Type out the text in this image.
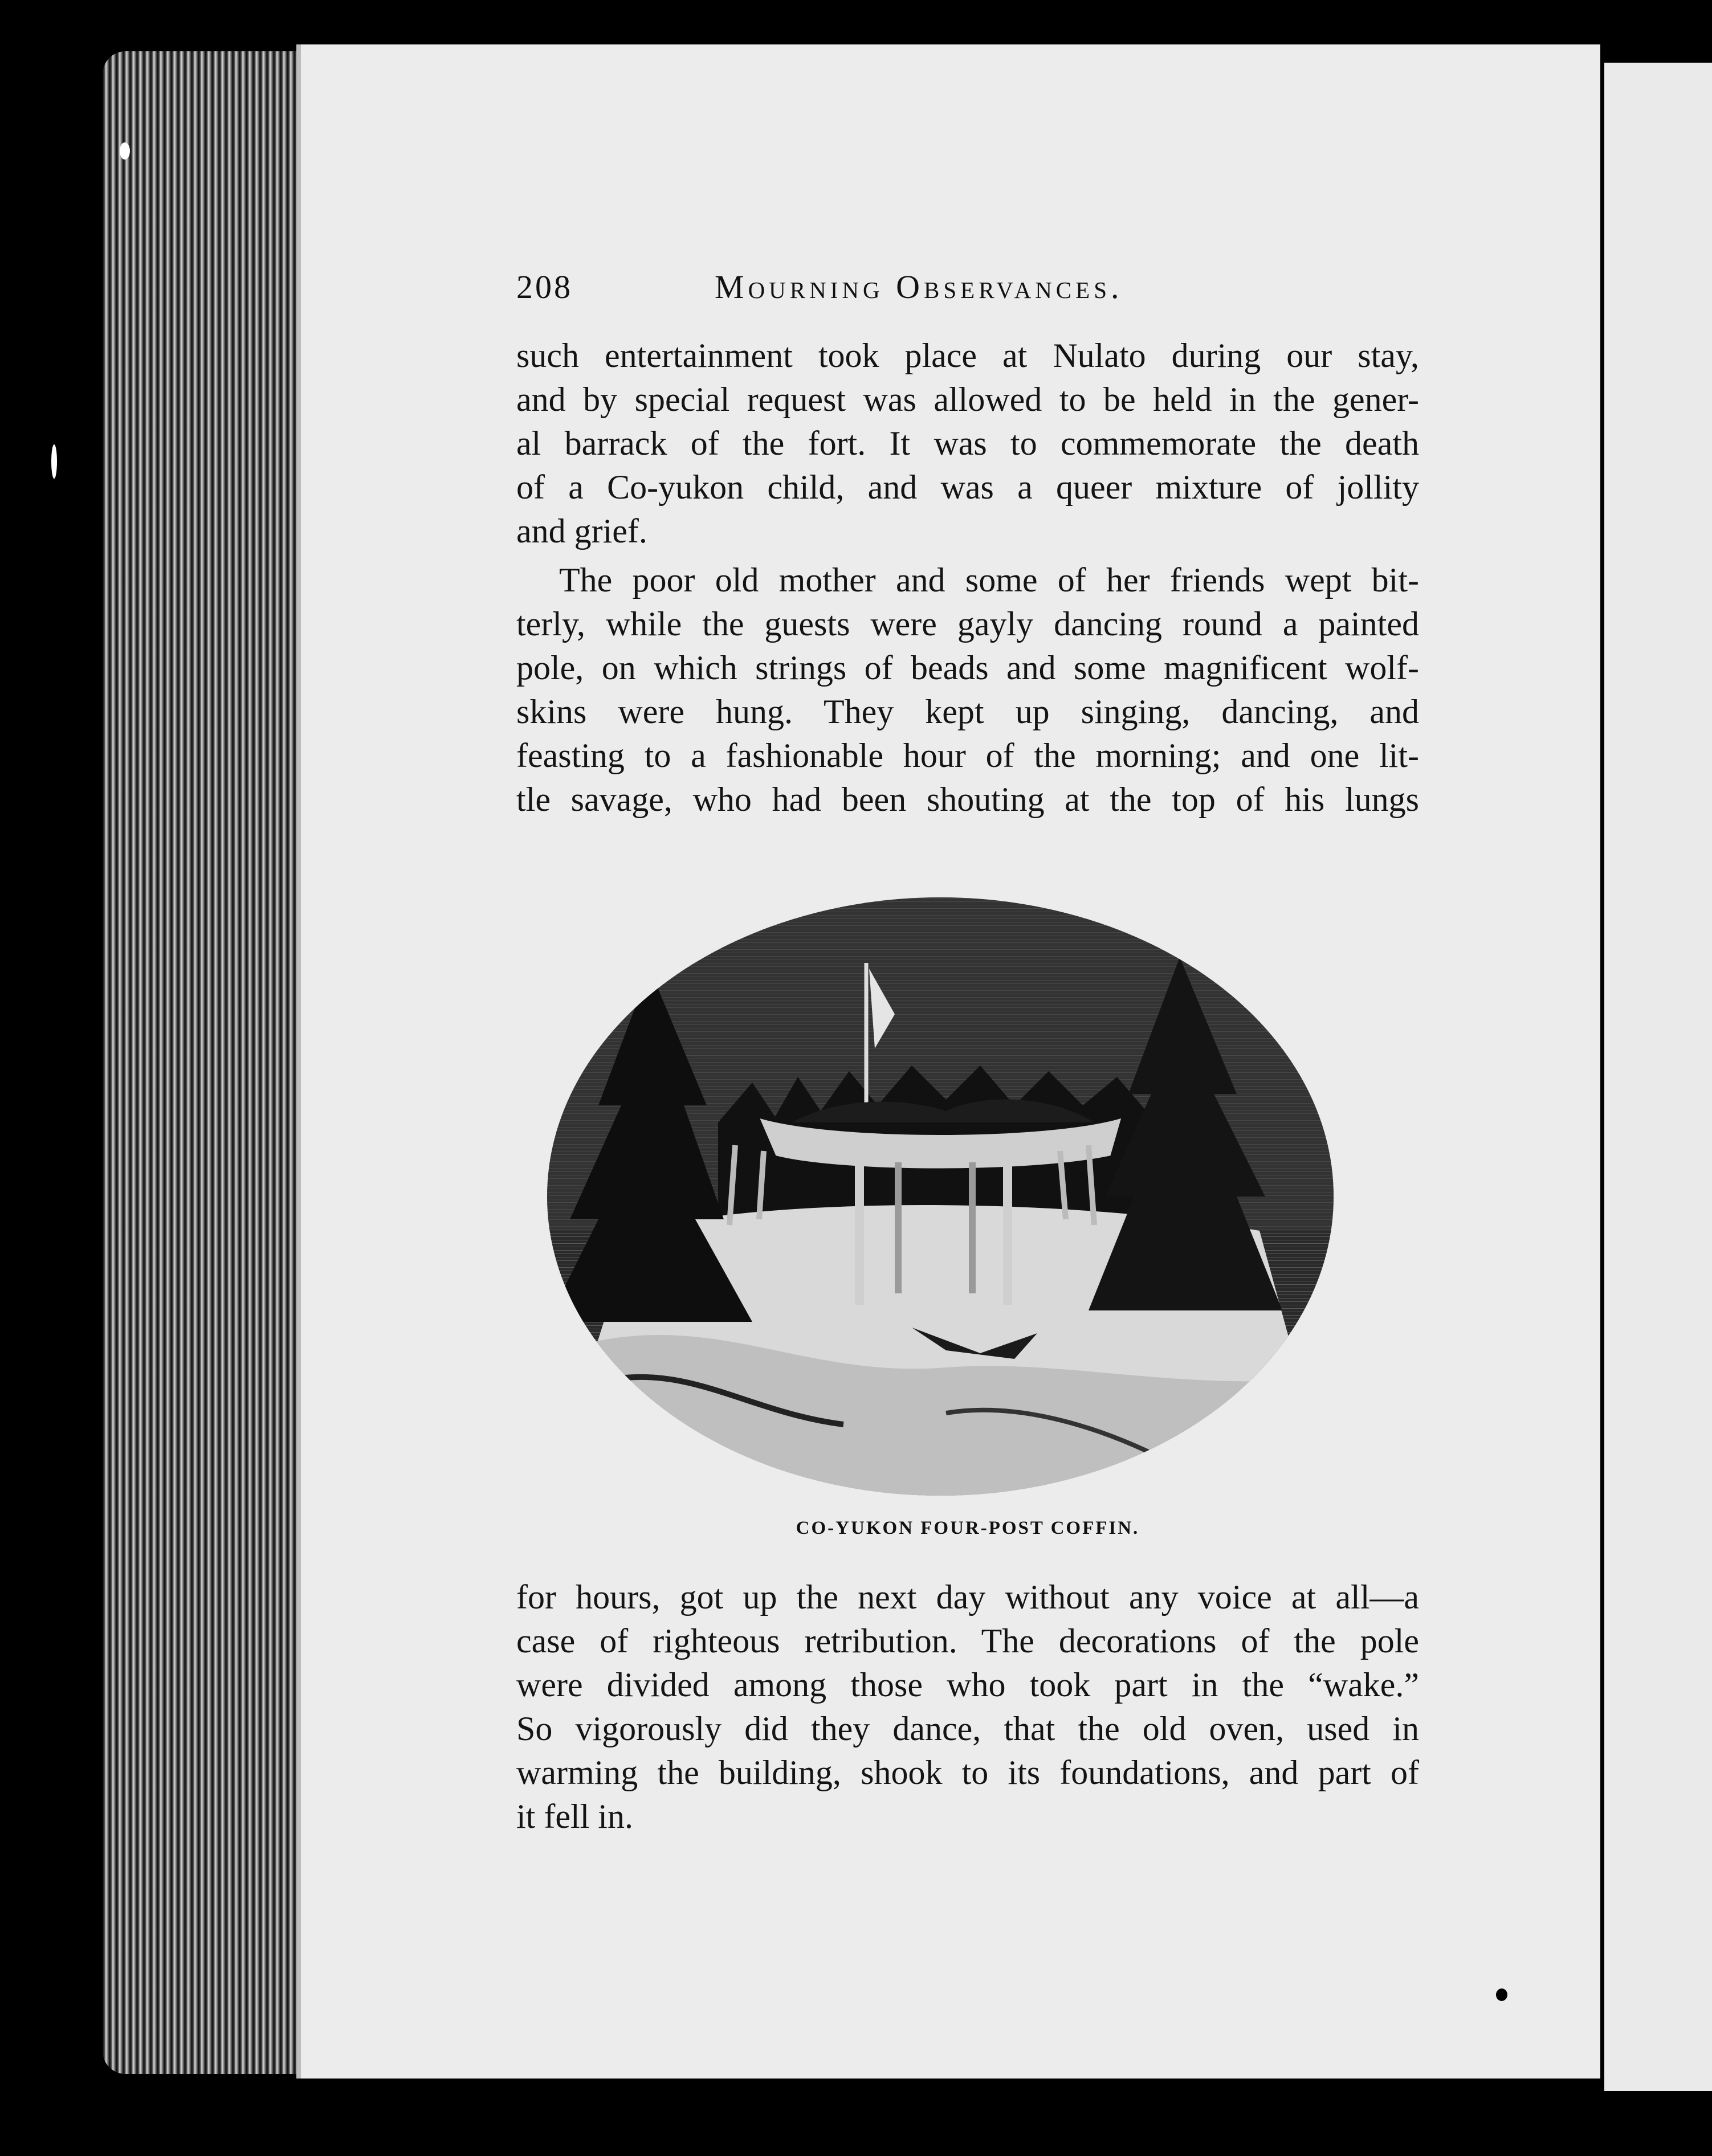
208	Mourning Observances.
such entertainment took place at Nulato during our stay,
and by special request was allowed to be held in the gener-
al barrack of the fort. It was to commemorate the death
of a Co-yukon child, and was a queer mixture of jollity
and grief.
The poor old mother and some of her friends wept bit-
terly, while the guests were gayly dancing round a painted
pole, on which strings of beads and some magnificent wolf-
skins were hung. They kept up singing, dancing, and
feasting to a fashionable hour of the morning; and one lit-
tle savage, who had been shouting at the top of his lungs
CO-YUKON FOUR-POST COFFIN.
for hours, got up the next day without any voice at all—a
case of righteous retribution. The decorations of the pole
were divided among those who took part in the “wake.”
So vigorously did they dance, that the old oven, used in
warming the building, shook to its foundations, and part of
it fell in.
